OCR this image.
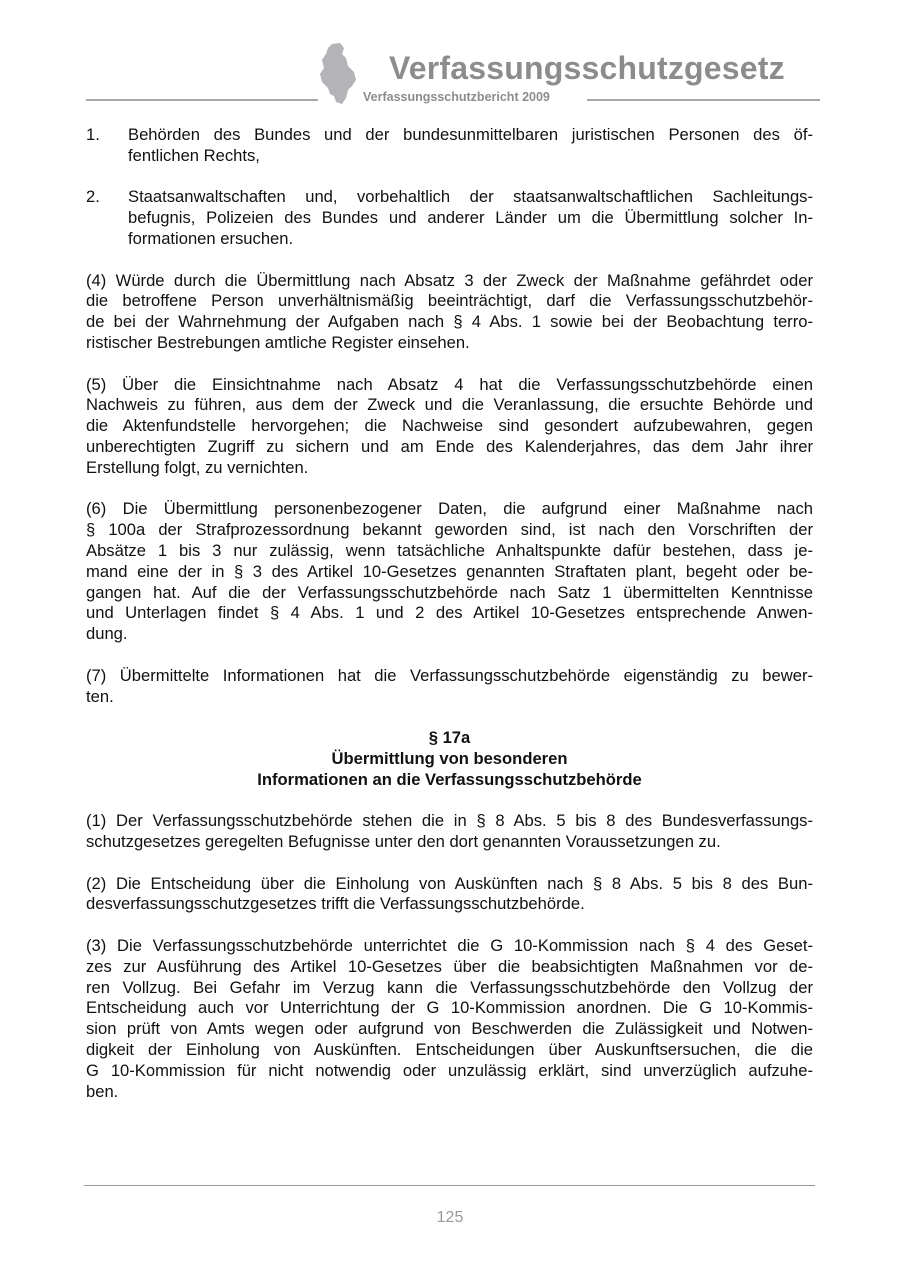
Verfassungsschutzgesetz
Verfassungsschutzbericht 2009
1.	Behörden des Bundes und der bundesunmittelbaren juristischen Personen des öf-
fentlichen Rechts,
2.	Staatsanwaltschaften und, vorbehaltlich der staatsanwaltschaftlichen Sachleitungs-
befugnis, Polizeien des Bundes und anderer Länder um die Übermittlung solcher In-
formationen ersuchen.
(4) Würde durch die Übermittlung nach Absatz 3 der Zweck der Maßnahme gefährdet oder
die betroffene Person unverhältnismäßig beeinträchtigt, darf die Verfassungsschutzbehör-
de bei der Wahrnehmung der Aufgaben nach § 4 Abs. 1 sowie bei der Beobachtung terro-
ristischer Bestrebungen amtliche Register einsehen.
(5) Über die Einsichtnahme nach Absatz 4 hat die Verfassungsschutzbehörde einen
Nachweis zu führen, aus dem der Zweck und die Veranlassung, die ersuchte Behörde und
die Aktenfundstelle hervorgehen; die Nachweise sind gesondert aufzubewahren, gegen
unberechtigten Zugriff zu sichern und am Ende des Kalenderjahres, das dem Jahr ihrer
Erstellung folgt, zu vernichten.
(6) Die Übermittlung personenbezogener Daten, die aufgrund einer Maßnahme nach
§ 100a der Strafprozessordnung bekannt geworden sind, ist nach den Vorschriften der
Absätze 1 bis 3 nur zulässig, wenn tatsächliche Anhaltspunkte dafür bestehen, dass je-
mand eine der in § 3 des Artikel 10-Gesetzes genannten Straftaten plant, begeht oder be-
gangen hat. Auf die der Verfassungsschutzbehörde nach Satz 1 übermittelten Kenntnisse
und Unterlagen findet § 4 Abs. 1 und 2 des Artikel 10-Gesetzes entsprechende Anwen-
dung.
(7) Übermittelte Informationen hat die Verfassungsschutzbehörde eigenständig zu bewer-
ten.
§ 17a
Übermittlung von besonderen
Informationen an die Verfassungsschutzbehörde
(1) Der Verfassungsschutzbehörde stehen die in § 8 Abs. 5 bis 8 des Bundesverfassungs-
schutzgesetzes geregelten Befugnisse unter den dort genannten Voraussetzungen zu.
(2) Die Entscheidung über die Einholung von Auskünften nach § 8 Abs. 5 bis 8 des Bun-
desverfassungsschutzgesetzes trifft die Verfassungsschutzbehörde.
(3) Die Verfassungsschutzbehörde unterrichtet die G 10-Kommission nach § 4 des Geset-
zes zur Ausführung des Artikel 10-Gesetzes über die beabsichtigten Maßnahmen vor de-
ren Vollzug. Bei Gefahr im Verzug kann die Verfassungsschutzbehörde den Vollzug der
Entscheidung auch vor Unterrichtung der G 10-Kommission anordnen. Die G 10-Kommis-
sion prüft von Amts wegen oder aufgrund von Beschwerden die Zulässigkeit und Notwen-
digkeit der Einholung von Auskünften. Entscheidungen über Auskunftsersuchen, die die
G 10-Kommission für nicht notwendig oder unzulässig erklärt, sind unverzüglich aufzuhe-
ben.
125
